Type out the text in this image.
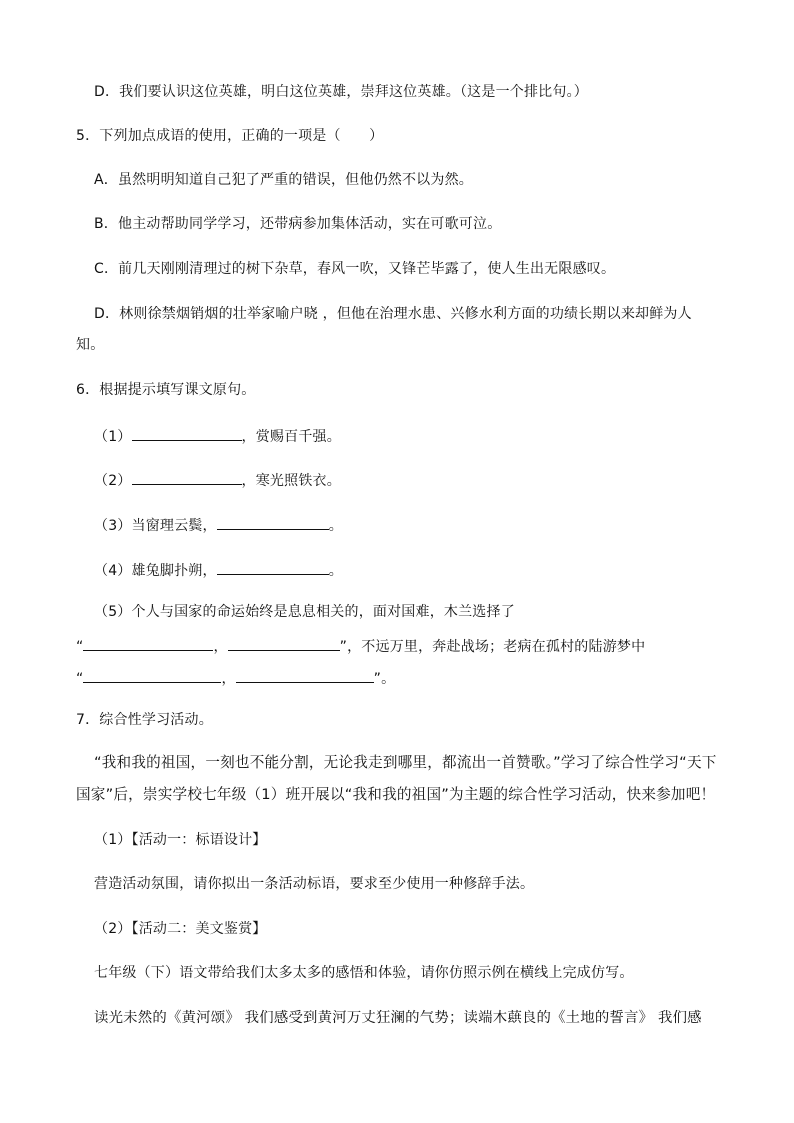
D．我们要认识这位英雄，明白这位英雄，崇拜这位英雄。（这是一个排比句。）
5．下列加点成语的使用，正确的一项是（　　）
A．虽然明明知道自己犯了严重的错误，但他仍然不以为然。
B．他主动帮助同学学习，还带病参加集体活动，实在可歌可泣。
C．前几天刚刚清理过的树下杂草，春风一吹，又锋芒毕露了，使人生出无限感叹。
D．林则徐禁烟销烟的壮举家喻户晓 ，但他在治理水患、兴修水利方面的功绩长期以来却鲜为人
知。
6．根据提示填写课文原句。
（1）	，赏赐百千强。
（2）	，寒光照铁衣。
（3）当窗理云鬓，	。
（4）雄兔脚扑朔，	。
（5）个人与国家的命运始终是息息相关的，面对国难，木兰选择了
“	，	”，不远万里，奔赴战场；老病在孤村的陆游梦中
“	，	”。
7．综合性学习活动。
“我和我的祖国，一刻也不能分割，无论我走到哪里，都流出一首赞歌。”学习了综合性学习“天下
国家”后，崇实学校七年级（1）班开展以“我和我的祖国”为主题的综合性学习活动，快来参加吧！
（1）【活动一：标语设计】
营造活动氛围，请你拟出一条活动标语，要求至少使用一种修辞手法。
（2）【活动二：美文鉴赏】
七年级（下）语文带给我们太多太多的感悟和体验，请你仿照示例在横线上完成仿写。
读光未然的《黄河颂》 我们感受到黄河万丈狂澜的气势；读端木蕻良的《土地的誓言》 我们感
